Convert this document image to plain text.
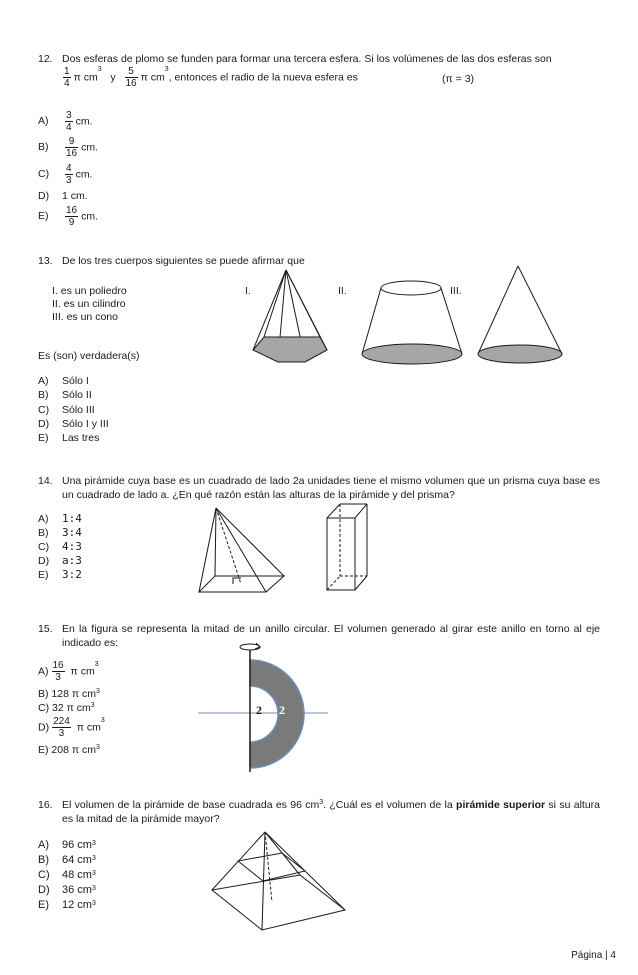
12. Dos esferas de plomo se funden para formar una tercera esfera. Si los volúmenes de las dos esferas son
$\frac{1}{4}$ π $cm^3$   y $\frac{5}{16}$ π $cm^3$, entonces el radio de la nueva esfera es	(π = 3)
$A) \frac{3}{4}$ cm.
$B) \frac{9}{16}$ cm.
$C) \frac{4}{3}$ cm.
D) 1 cm.
$E) \frac{16}{9}$ cm.
13. De los tres cuerpos siguientes se puede afirmar que
I. es un poliedro
II. es un cilindro
III. es un cono
I.	II.	III.
Es (son) verdadera(s)
A) Sólo I
B) Sólo II
C) Sólo III
D) Sólo I y III
E) Las tres
14. Una pirámide cuya base es un cuadrado de lado 2a unidades tiene el mismo volumen que un prisma cuya base es un cuadrado de lado a. ¿En qué razón están las alturas de la pirámide y del prisma?
A) 1:4
B) 3:4
C) 4:3
D) a:3
E) 3:2
15. En la figura se representa la mitad de un anillo circular. El volumen generado al girar este anillo en torno al eje indicado es:
$A) \frac{16}{3}$ π $cm^3$
B) 128 π $cm^3$
C) 32 π $cm^3$
$D) \frac{224}{3}$ π $cm^3$
E) 208 π $cm^3$
2 2
16. El volumen de la pirámide de base cuadrada es 96 $cm^3$. ¿Cuál es el volumen de la pirámide superior si su altura es la mitad de la pirámide mayor?
A) 96 $cm^3$
B) 64 $cm^3$
C) 48 $cm^3$
D) 36 $cm^3$
E) 12 $cm^3$
Página | 4
